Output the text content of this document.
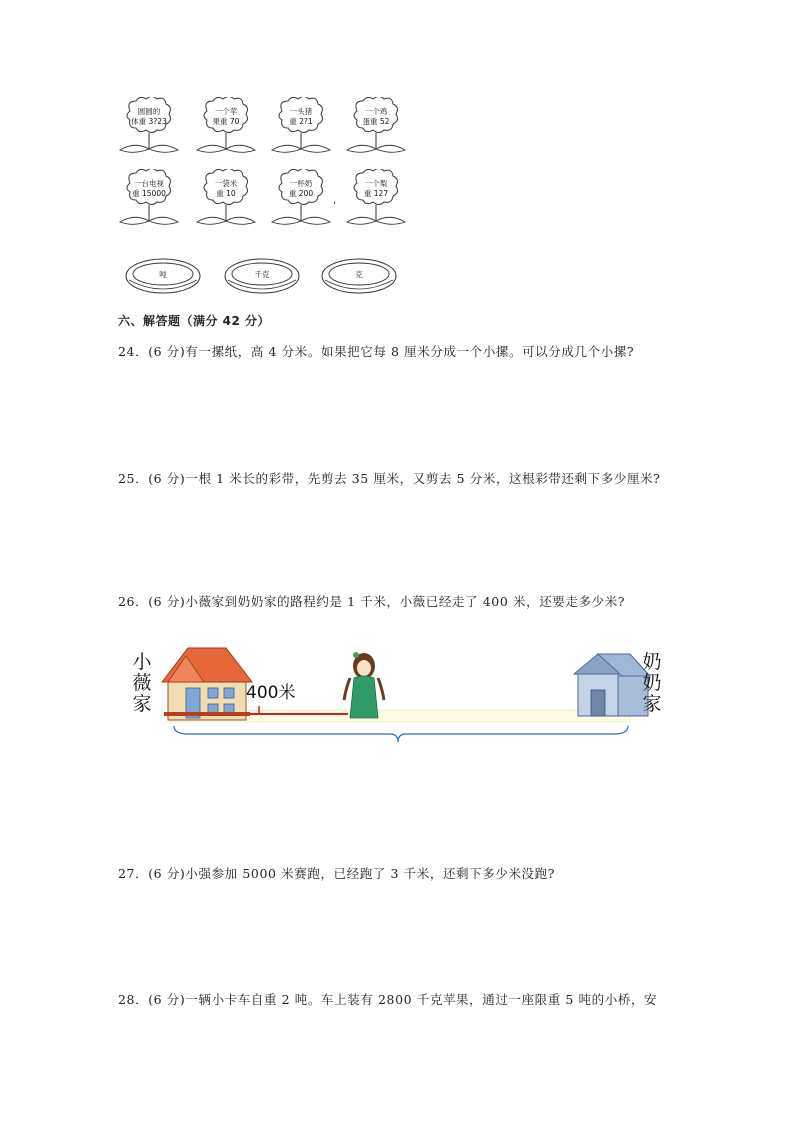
圆圆的
体重 3?23
一个苹
果重 70
一头猪
重 2?1
一个鸡
蛋重 52
一台电视
重 15000
一袋米
重 10
一杯奶
重 200
,
一个梨
重 127
吨	千克	克
六、解答题（满分 42 分）
24．(6 分)有一摞纸，高 4 分米。如果把它每 8 厘米分成一个小摞。可以分成几个小摞?
25．(6 分)一根 1 米长的彩带，先剪去 35 厘米，又剪去 5 分米，这根彩带还剩下多少厘米?
26．(6 分)小薇家到奶奶家的路程约是 1 千米，小薇已经走了 400 米，还要走多少米?
小
薇
家	400米
奶
奶
家
27．(6 分)小强参加 5000 米赛跑，已经跑了 3 千米，还剩下多少米没跑?
28．(6 分)一辆小卡车自重 2 吨。车上装有 2800 千克苹果，通过一座限重 5 吨的小桥，安
